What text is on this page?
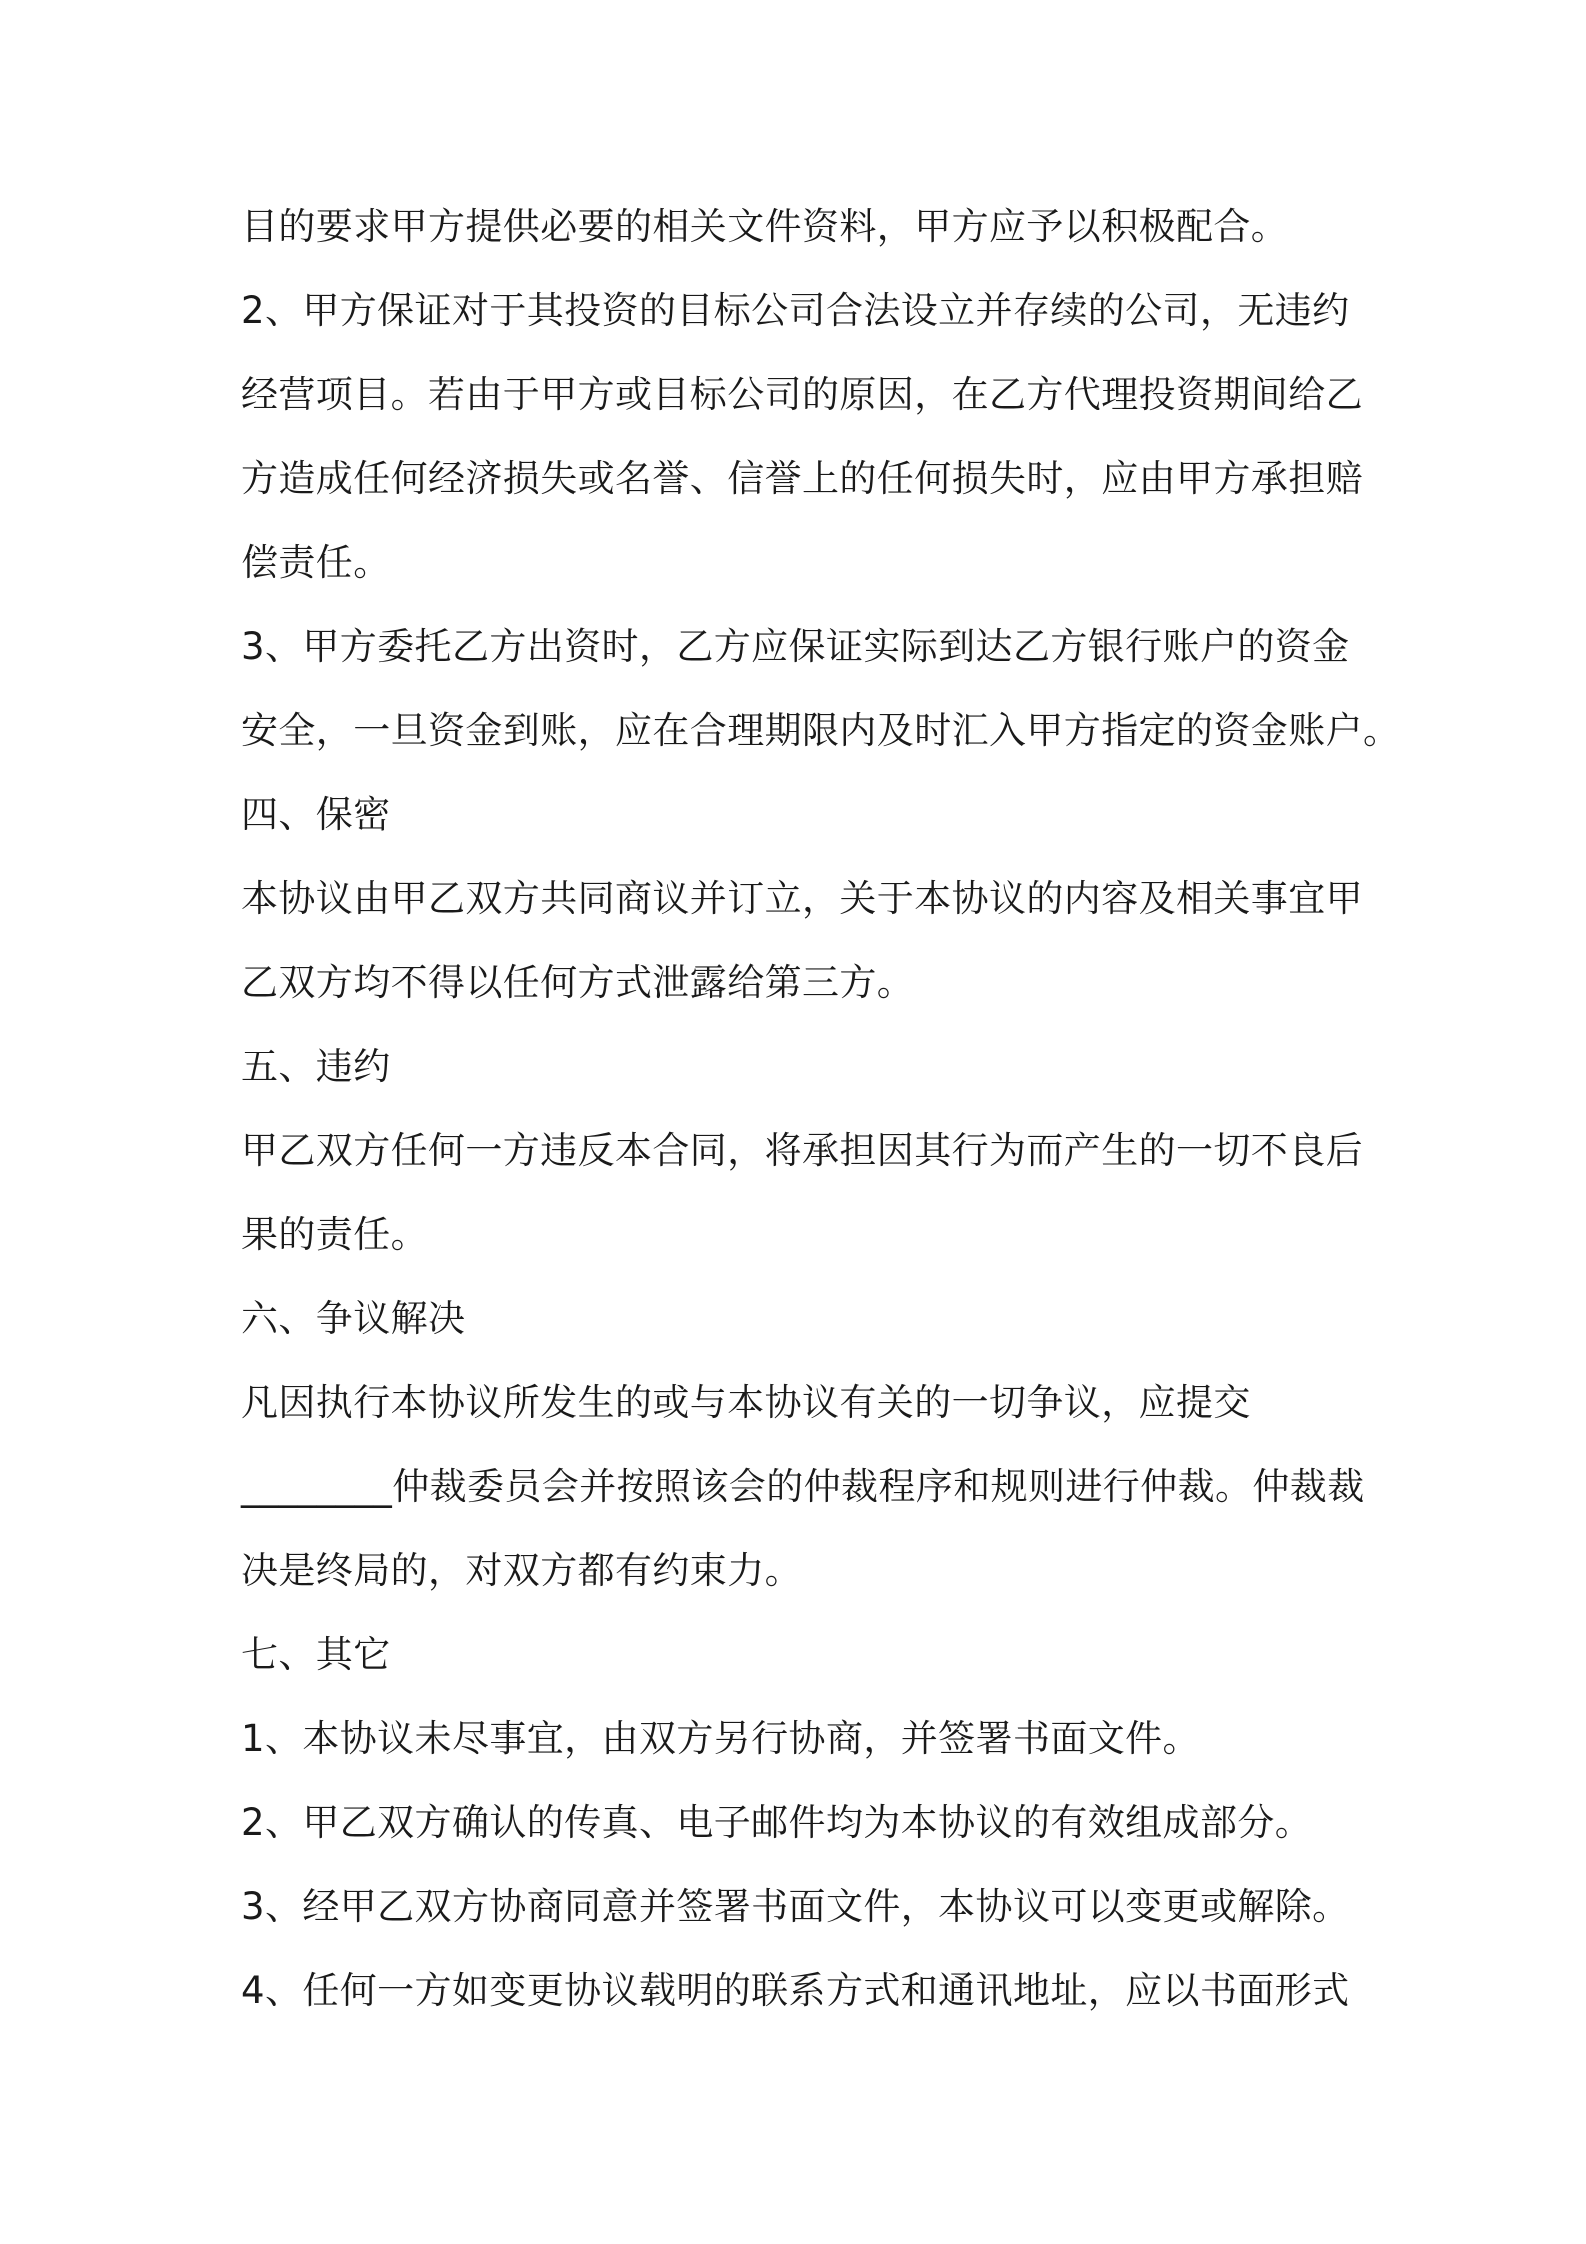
目的要求甲方提供必要的相关文件资料，甲方应予以积极配合。
2、甲方保证对于其投资的目标公司合法设立并存续的公司，无违约
经营项目。若由于甲方或目标公司的原因，在乙方代理投资期间给乙
方造成任何经济损失或名誉、信誉上的任何损失时，应由甲方承担赔
偿责任。
3、甲方委托乙方出资时，乙方应保证实际到达乙方银行账户的资金
安全，一旦资金到账，应在合理期限内及时汇入甲方指定的资金账户。
四、保密
本协议由甲乙双方共同商议并订立，关于本协议的内容及相关事宜甲
乙双方均不得以任何方式泄露给第三方。
五、违约
甲乙双方任何一方违反本合同，将承担因其行为而产生的一切不良后
果的责任。
六、争议解决
凡因执行本协议所发生的或与本协议有关的一切争议，应提交
________仲裁委员会并按照该会的仲裁程序和规则进行仲裁。仲裁裁
决是终局的，对双方都有约束力。
七、其它
1、本协议未尽事宜，由双方另行协商，并签署书面文件。
2、甲乙双方确认的传真、电子邮件均为本协议的有效组成部分。
3、经甲乙双方协商同意并签署书面文件，本协议可以变更或解除。
4、任何一方如变更协议载明的联系方式和通讯地址，应以书面形式
